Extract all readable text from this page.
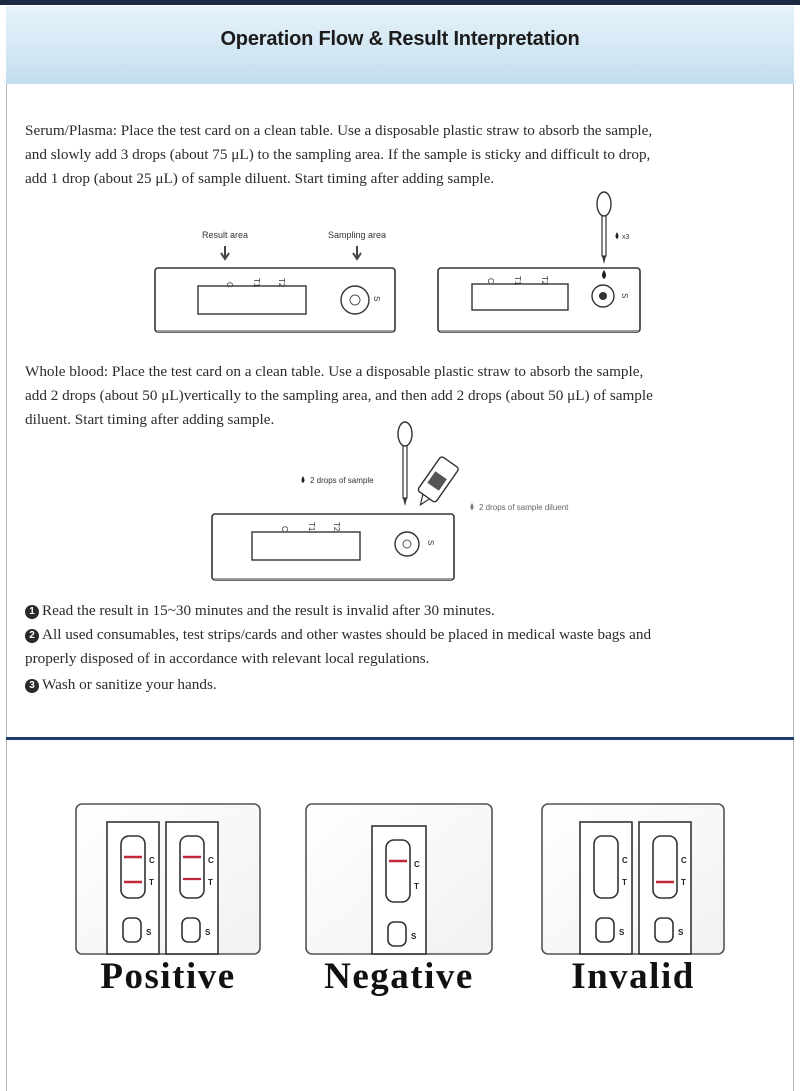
Operation Flow & Result Interpretation
Serum/Plasma: Place the test card on a clean table. Use a disposable plastic straw to absorb the sample,
and slowly add 3 drops (about 75 μL) to the sampling area. If the sample is sticky and difficult to drop,
add 1 drop (about 25 μL) of sample diluent. Start timing after adding sample.
Result area	Sampling area
C T1 T2
S
C T1 T2
S
x3
Whole blood: Place the test card on a clean table. Use a disposable plastic straw to absorb the sample,
add 2 drops (about 50 μL)vertically to the sampling area, and then add 2 drops (about 50 μL) of sample
diluent. Start timing after adding sample.
2 drops of sample
2 drops of sample diluent
C T1 T2
S
1 Read the result in 15~30 minutes and the result is invalid after 30 minutes.
2 All used consumables, test strips/cards and other wastes should be placed in medical waste bags and
properly disposed of in accordance with relevant local regulations.
3 Wash or sanitize your hands.
C
T
S
C
T
S
C
T
S
C
T
S
C
T
S
Positive	Negative	Invalid
